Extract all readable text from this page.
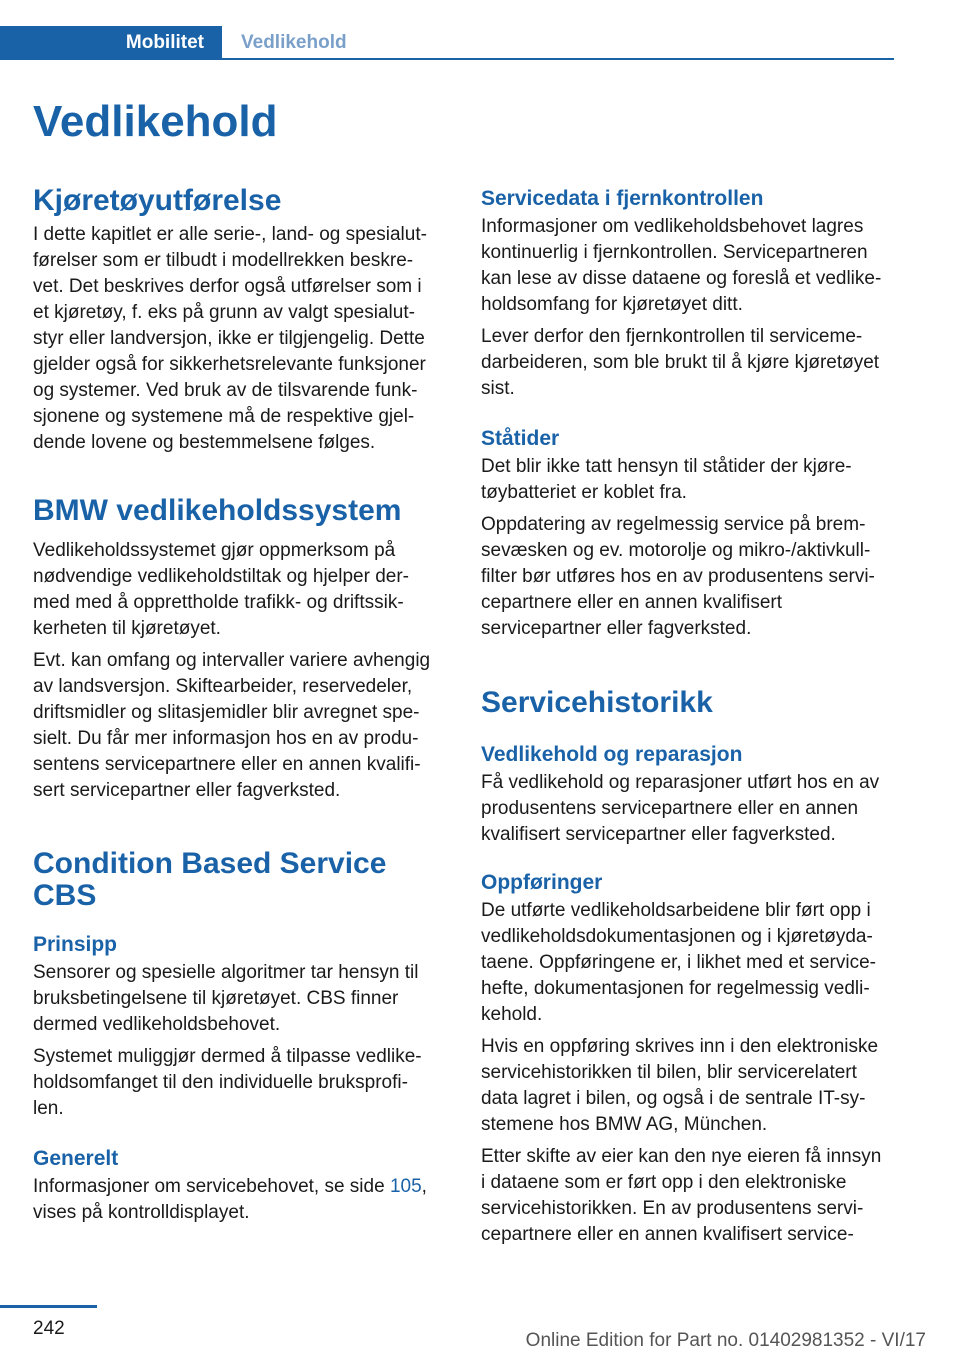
Mobilitet Vedlikehold
Vedlikehold
Kjøretøyutførelse

I dette kapitlet er alle serie-, land- og spesialut-
førelser som er tilbudt i modellrekken beskre-
vet. Det beskrives derfor også utførelser som i
et kjøretøy, f. eks på grunn av valgt spesialut-
styr eller landversjon, ikke er tilgjengelig. Dette
gjelder også for sikkerhetsrelevante funksjoner
og systemer. Ved bruk av de tilsvarende funk-
sjonene og systemene må de respektive gjel-
dende lovene og bestemmelsene følges.

BMW vedlikeholdssystem

Vedlikeholdssystemet gjør oppmerksom på
nødvendige vedlikeholdstiltak og hjelper der-
med med å opprettholde trafikk- og driftssik-
kerheten til kjøretøyet.

Evt. kan omfang og intervaller variere avhengig
av landsversjon. Skiftearbeider, reservedeler,
driftsmidler og slitasjemidler blir avregnet spe-
sielt. Du får mer informasjon hos en av produ-
sentens servicepartnere eller en annen kvalifi-
sert servicepartner eller fagverksted.

Condition Based Service
CBS
Prinsipp

Sensorer og spesielle algoritmer tar hensyn til
bruksbetingelsene til kjøretøyet. CBS finner
dermed vedlikeholdsbehovet.

Systemet muliggjør dermed å tilpasse vedlike-
holdsomfanget til den individuelle bruksprofi-
len.

Generelt

Informasjoner om servicebehovet, se side 105,
vises på kontrolldisplayet.

Servicedata i fjernkontrollen

Informasjoner om vedlikeholdsbehovet lagres
kontinuerlig i fjernkontrollen. Servicepartneren
kan lese av disse dataene og foreslå et vedlike-
holdsomfang for kjøretøyet ditt.

Lever derfor den fjernkontrollen til serviceme-
darbeideren, som ble brukt til å kjøre kjøretøyet
sist.

Ståtider

Det blir ikke tatt hensyn til ståtider der kjøre-
tøybatteriet er koblet fra.

Oppdatering av regelmessig service på brem-
sevæsken og ev. motorolje og mikro-/aktivkull-
filter bør utføres hos en av produsentens servi-
cepartnere eller en annen kvalifisert
servicepartner eller fagverksted.

Servicehistorikk
Vedlikehold og reparasjon

Få vedlikehold og reparasjoner utført hos en av
produsentens servicepartnere eller en annen
kvalifisert servicepartner eller fagverksted.

Oppføringer

De utførte vedlikeholdsarbeidene blir ført opp i
vedlikeholdsdokumentasjonen og i kjøretøyda-
taene. Oppføringene er, i likhet med et service-
hefte, dokumentasjonen for regelmessig vedli-
kehold.

Hvis en oppføring skrives inn i den elektroniske
servicehistorikken til bilen, blir servicerelatert
data lagret i bilen, og også i de sentrale IT-sy-
stemene hos BMW AG, München.

Etter skifte av eier kan den nye eieren få innsyn
i dataene som er ført opp i den elektroniske
servicehistorikken. En av produsentens servi-
cepartnere eller en annen kvalifisert service-

242
Online Edition for Part no. 01402981352 - VI/17
